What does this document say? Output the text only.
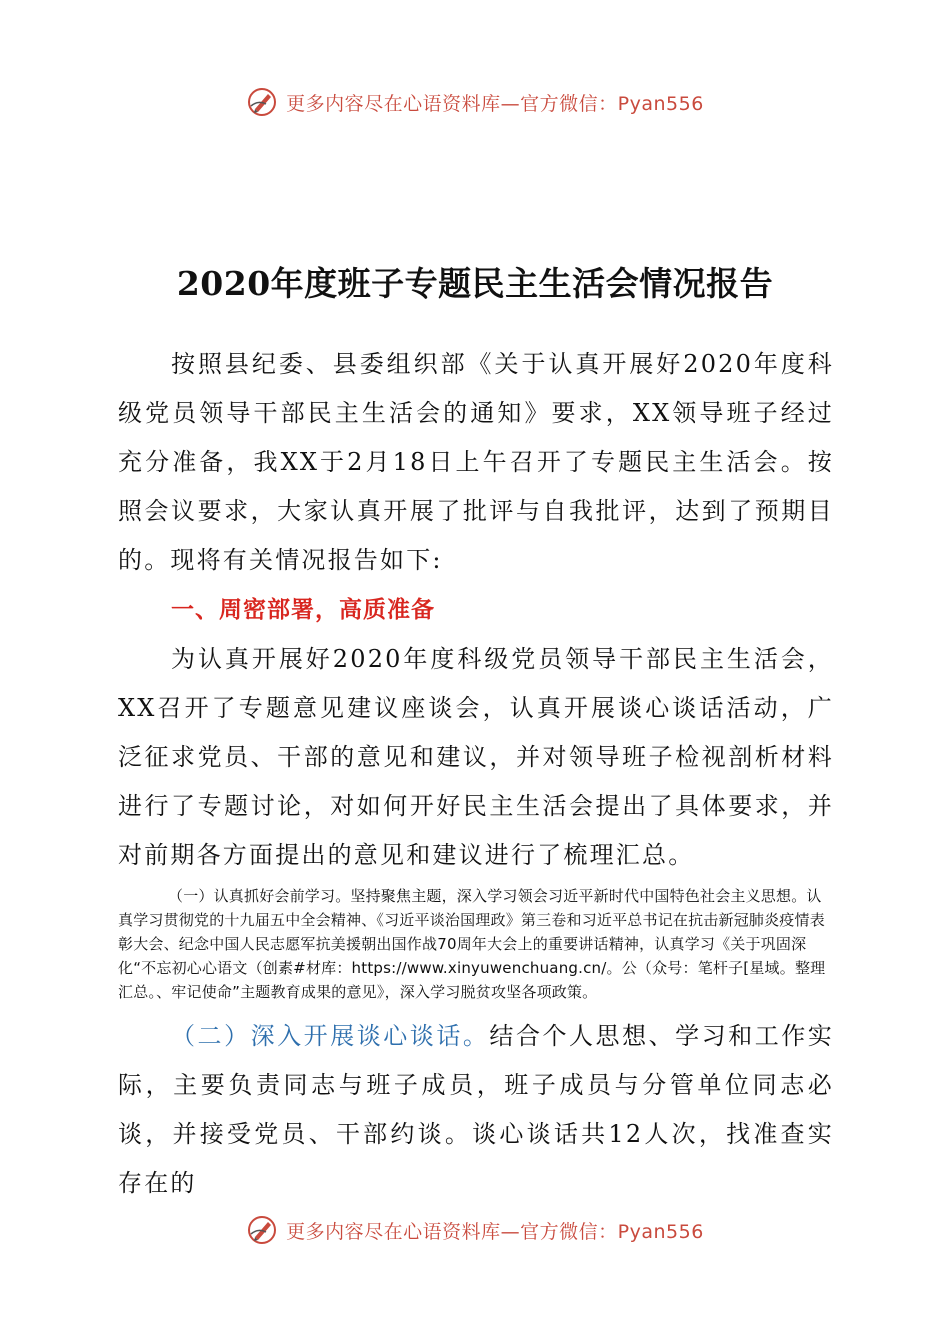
更多内容尽在心语资料库—官方微信：Pyan556
2020年度班子专题民主生活会情况报告

按照县纪委、县委组织部《关于认真开展好2020年度科级党员领导干部民主生活会的通知》要求，XX领导班子经过充分准备，我XX于2月18日上午召开了专题民主生活会。按照会议要求，大家认真开展了批评与自我批评，达到了预期目的。现将有关情况报告如下:

一、周密部署，高质准备

为认真开展好2020年度科级党员领导干部民主生活会，XX召开了专题意见建议座谈会，认真开展谈心谈话活动，广泛征求党员、干部的意见和建议，并对领导班子检视剖析材料进行了专题讨论，对如何开好民主生活会提出了具体要求，并对前期各方面提出的意见和建议进行了梳理汇总。

（一）认真抓好会前学习。坚持聚焦主题，深入学习领会习近平新时代中国特色社会主义思想。认真学习贯彻党的十九届五中全会精神、《习近平谈治国理政》第三卷和习近平总书记在抗击新冠肺炎疫情表彰大会、纪念中国人民志愿军抗美援朝出国作战70周年大会上的重要讲话精神，认真学习《关于巩固深化“不忘初心心语文（创素#材库：https://www.xinyuwenchuang.cn/。公（众号：笔杆子[星域。整理汇总。、牢记使命”主题教育成果的意见》，深入学习脱贫攻坚各项政策。

（二）深入开展谈心谈话。结合个人思想、学习和工作实际，主要负责同志与班子成员，班子成员与分管单位同志必谈，并接受党员、干部约谈。谈心谈话共12人次，找准查实存在的

更多内容尽在心语资料库—官方微信：Pyan556
